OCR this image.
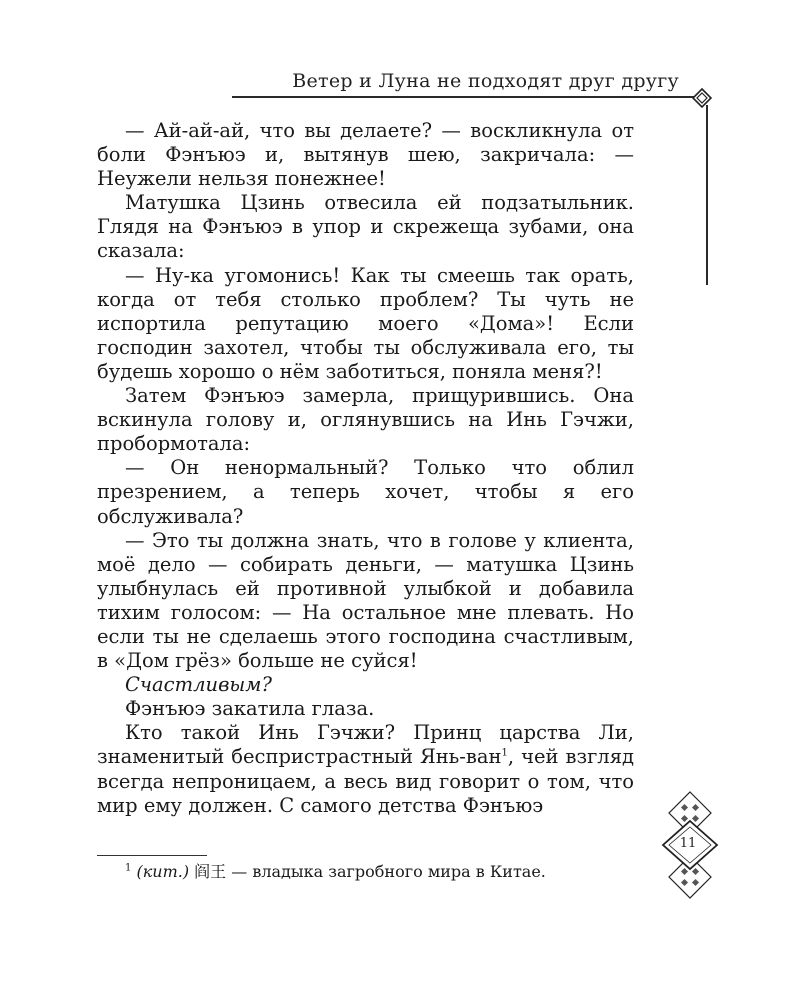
Ветер и Луна не подходят друг другу

— Ай-ай-ай, что вы делаете? — воскликнула от боли Фэнъюэ и, вытянув шею, закричала: — Неужели нельзя понежнее!

Матушка Цзинь отвесила ей подзатыльник. Глядя на Фэнъюэ в упор и скрежеща зубами, она сказала:

— Ну-ка угомонись! Как ты смеешь так орать, когда от тебя столько проблем? Ты чуть не испортила репутацию моего «Дома»! Если господин захотел, чтобы ты обслуживала его, ты будешь хорошо о нём заботиться, поняла меня?!

Затем Фэнъюэ замерла, прищурившись. Она вскинула голову и, оглянувшись на Инь Гэчжи, пробормотала:

— Он ненормальный? Только что облил презрением, а теперь хочет, чтобы я его обслуживала?

— Это ты должна знать, что в голове у клиента, моё дело — собирать деньги, — матушка Цзинь улыбнулась ей противной улыбкой и добавила тихим голосом: — На остальное мне плевать. Но если ты не сделаешь этого господина счастливым, в «Дом грёз» больше не суйся!

Счастливым?

Фэнъюэ закатила глаза.

Кто такой Инь Гэчжи? Принц царства Ли, знаменитый беспристрастный Янь-ван$^1$, чей взгляд всегда непроницаем, а весь вид говорит о том, что мир ему должен. С самого детства Фэнъюэ

$^1$ (кит.) 阎王 — владыка загробного мира в Китае.
11
